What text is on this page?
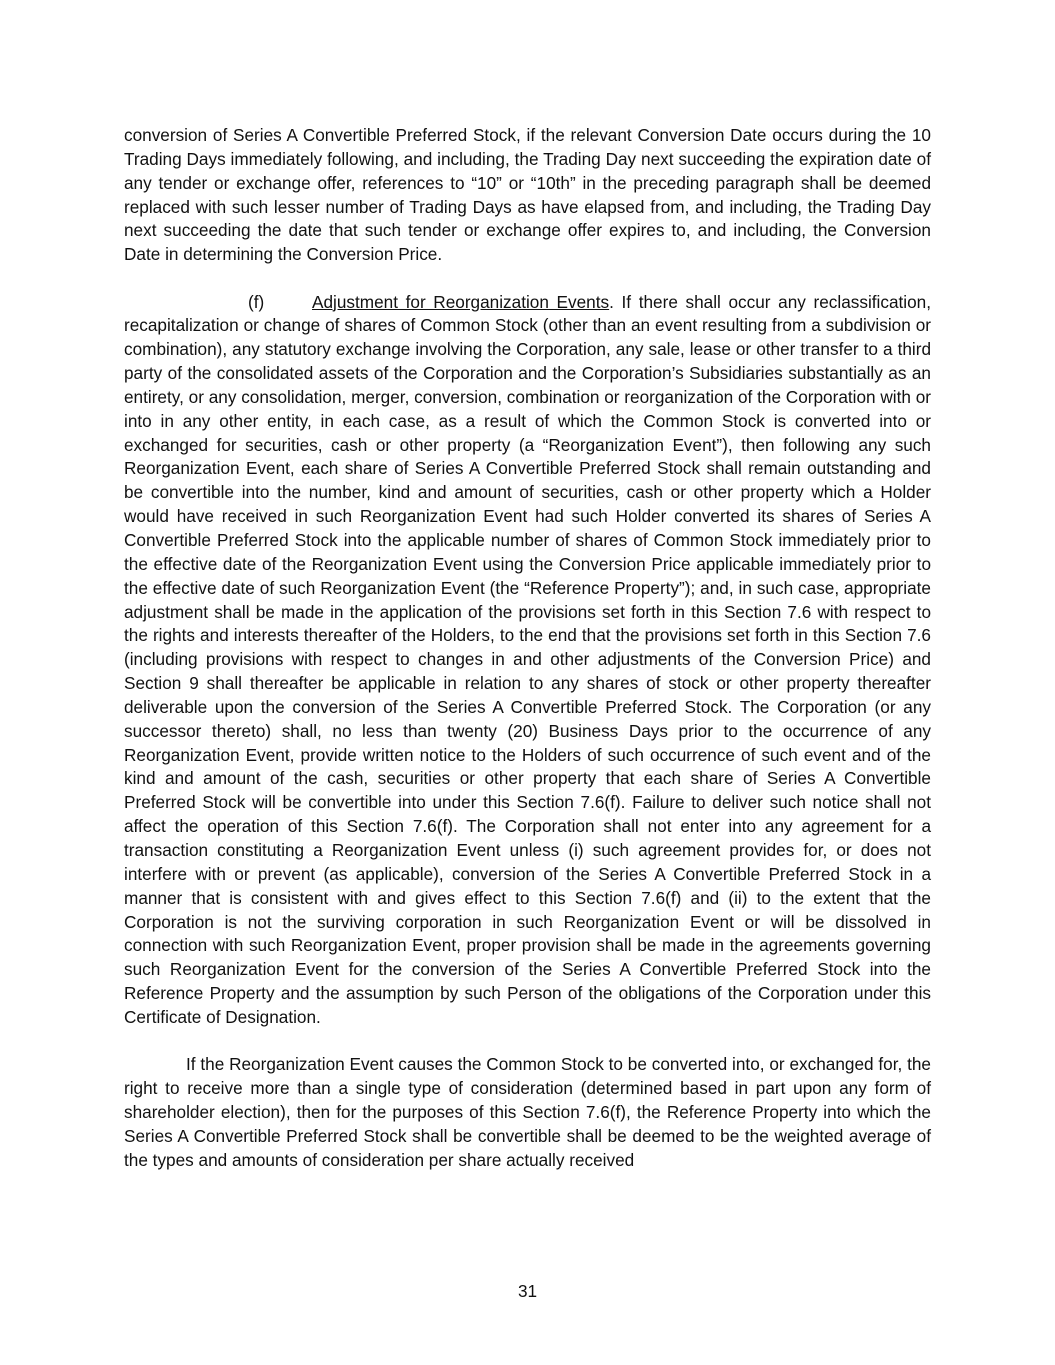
conversion of Series A Convertible Preferred Stock, if the relevant Conversion Date occurs during the 10 Trading Days immediately following, and including, the Trading Day next succeeding the expiration date of any tender or exchange offer, references to “10” or “10th” in the preceding paragraph shall be deemed replaced with such lesser number of Trading Days as have elapsed from, and including, the Trading Day next succeeding the date that such tender or exchange offer expires to, and including, the Conversion Date in determining the Conversion Price.

(f)	Adjustment for Reorganization Events. If there shall occur any reclassification, recapitalization or change of shares of Common Stock (other than an event resulting from a subdivision or combination), any statutory exchange involving the Corporation, any sale, lease or other transfer to a third party of the consolidated assets of the Corporation and the Corporation’s Subsidiaries substantially as an entirety, or any consolidation, merger, conversion, combination or reorganization of the Corporation with or into in any other entity, in each case, as a result of which the Common Stock is converted into or exchanged for securities, cash or other property (a “Reorganization Event”), then following any such Reorganization Event, each share of Series A Convertible Preferred Stock shall remain outstanding and be convertible into the number, kind and amount of securities, cash or other property which a Holder would have received in such Reorganization Event had such Holder converted its shares of Series A Convertible Preferred Stock into the applicable number of shares of Common Stock immediately prior to the effective date of the Reorganization Event using the Conversion Price applicable immediately prior to the effective date of such Reorganization Event (the “Reference Property”); and, in such case, appropriate adjustment shall be made in the application of the provisions set forth in this Section 7.6 with respect to the rights and interests thereafter of the Holders, to the end that the provisions set forth in this Section 7.6 (including provisions with respect to changes in and other adjustments of the Conversion Price) and Section 9 shall thereafter be applicable in relation to any shares of stock or other property thereafter deliverable upon the conversion of the Series A Convertible Preferred Stock. The Corporation (or any successor thereto) shall, no less than twenty (20) Business Days prior to the occurrence of any Reorganization Event, provide written notice to the Holders of such occurrence of such event and of the kind and amount of the cash, securities or other property that each share of Series A Convertible Preferred Stock will be convertible into under this Section 7.6(f). Failure to deliver such notice shall not affect the operation of this Section 7.6(f). The Corporation shall not enter into any agreement for a transaction constituting a Reorganization Event unless (i) such agreement provides for, or does not interfere with or prevent (as applicable), conversion of the Series A Convertible Preferred Stock in a manner that is consistent with and gives effect to this Section 7.6(f) and (ii) to the extent that the Corporation is not the surviving corporation in such Reorganization Event or will be dissolved in connection with such Reorganization Event, proper provision shall be made in the agreements governing such Reorganization Event for the conversion of the Series A Convertible Preferred Stock into the Reference Property and the assumption by such Person of the obligations of the Corporation under this Certificate of Designation.

If the Reorganization Event causes the Common Stock to be converted into, or exchanged for, the right to receive more than a single type of consideration (determined based in part upon any form of shareholder election), then for the purposes of this Section 7.6(f), the Reference Property into which the Series A Convertible Preferred Stock shall be convertible shall be deemed to be the weighted average of the types and amounts of consideration per share actually received

31
